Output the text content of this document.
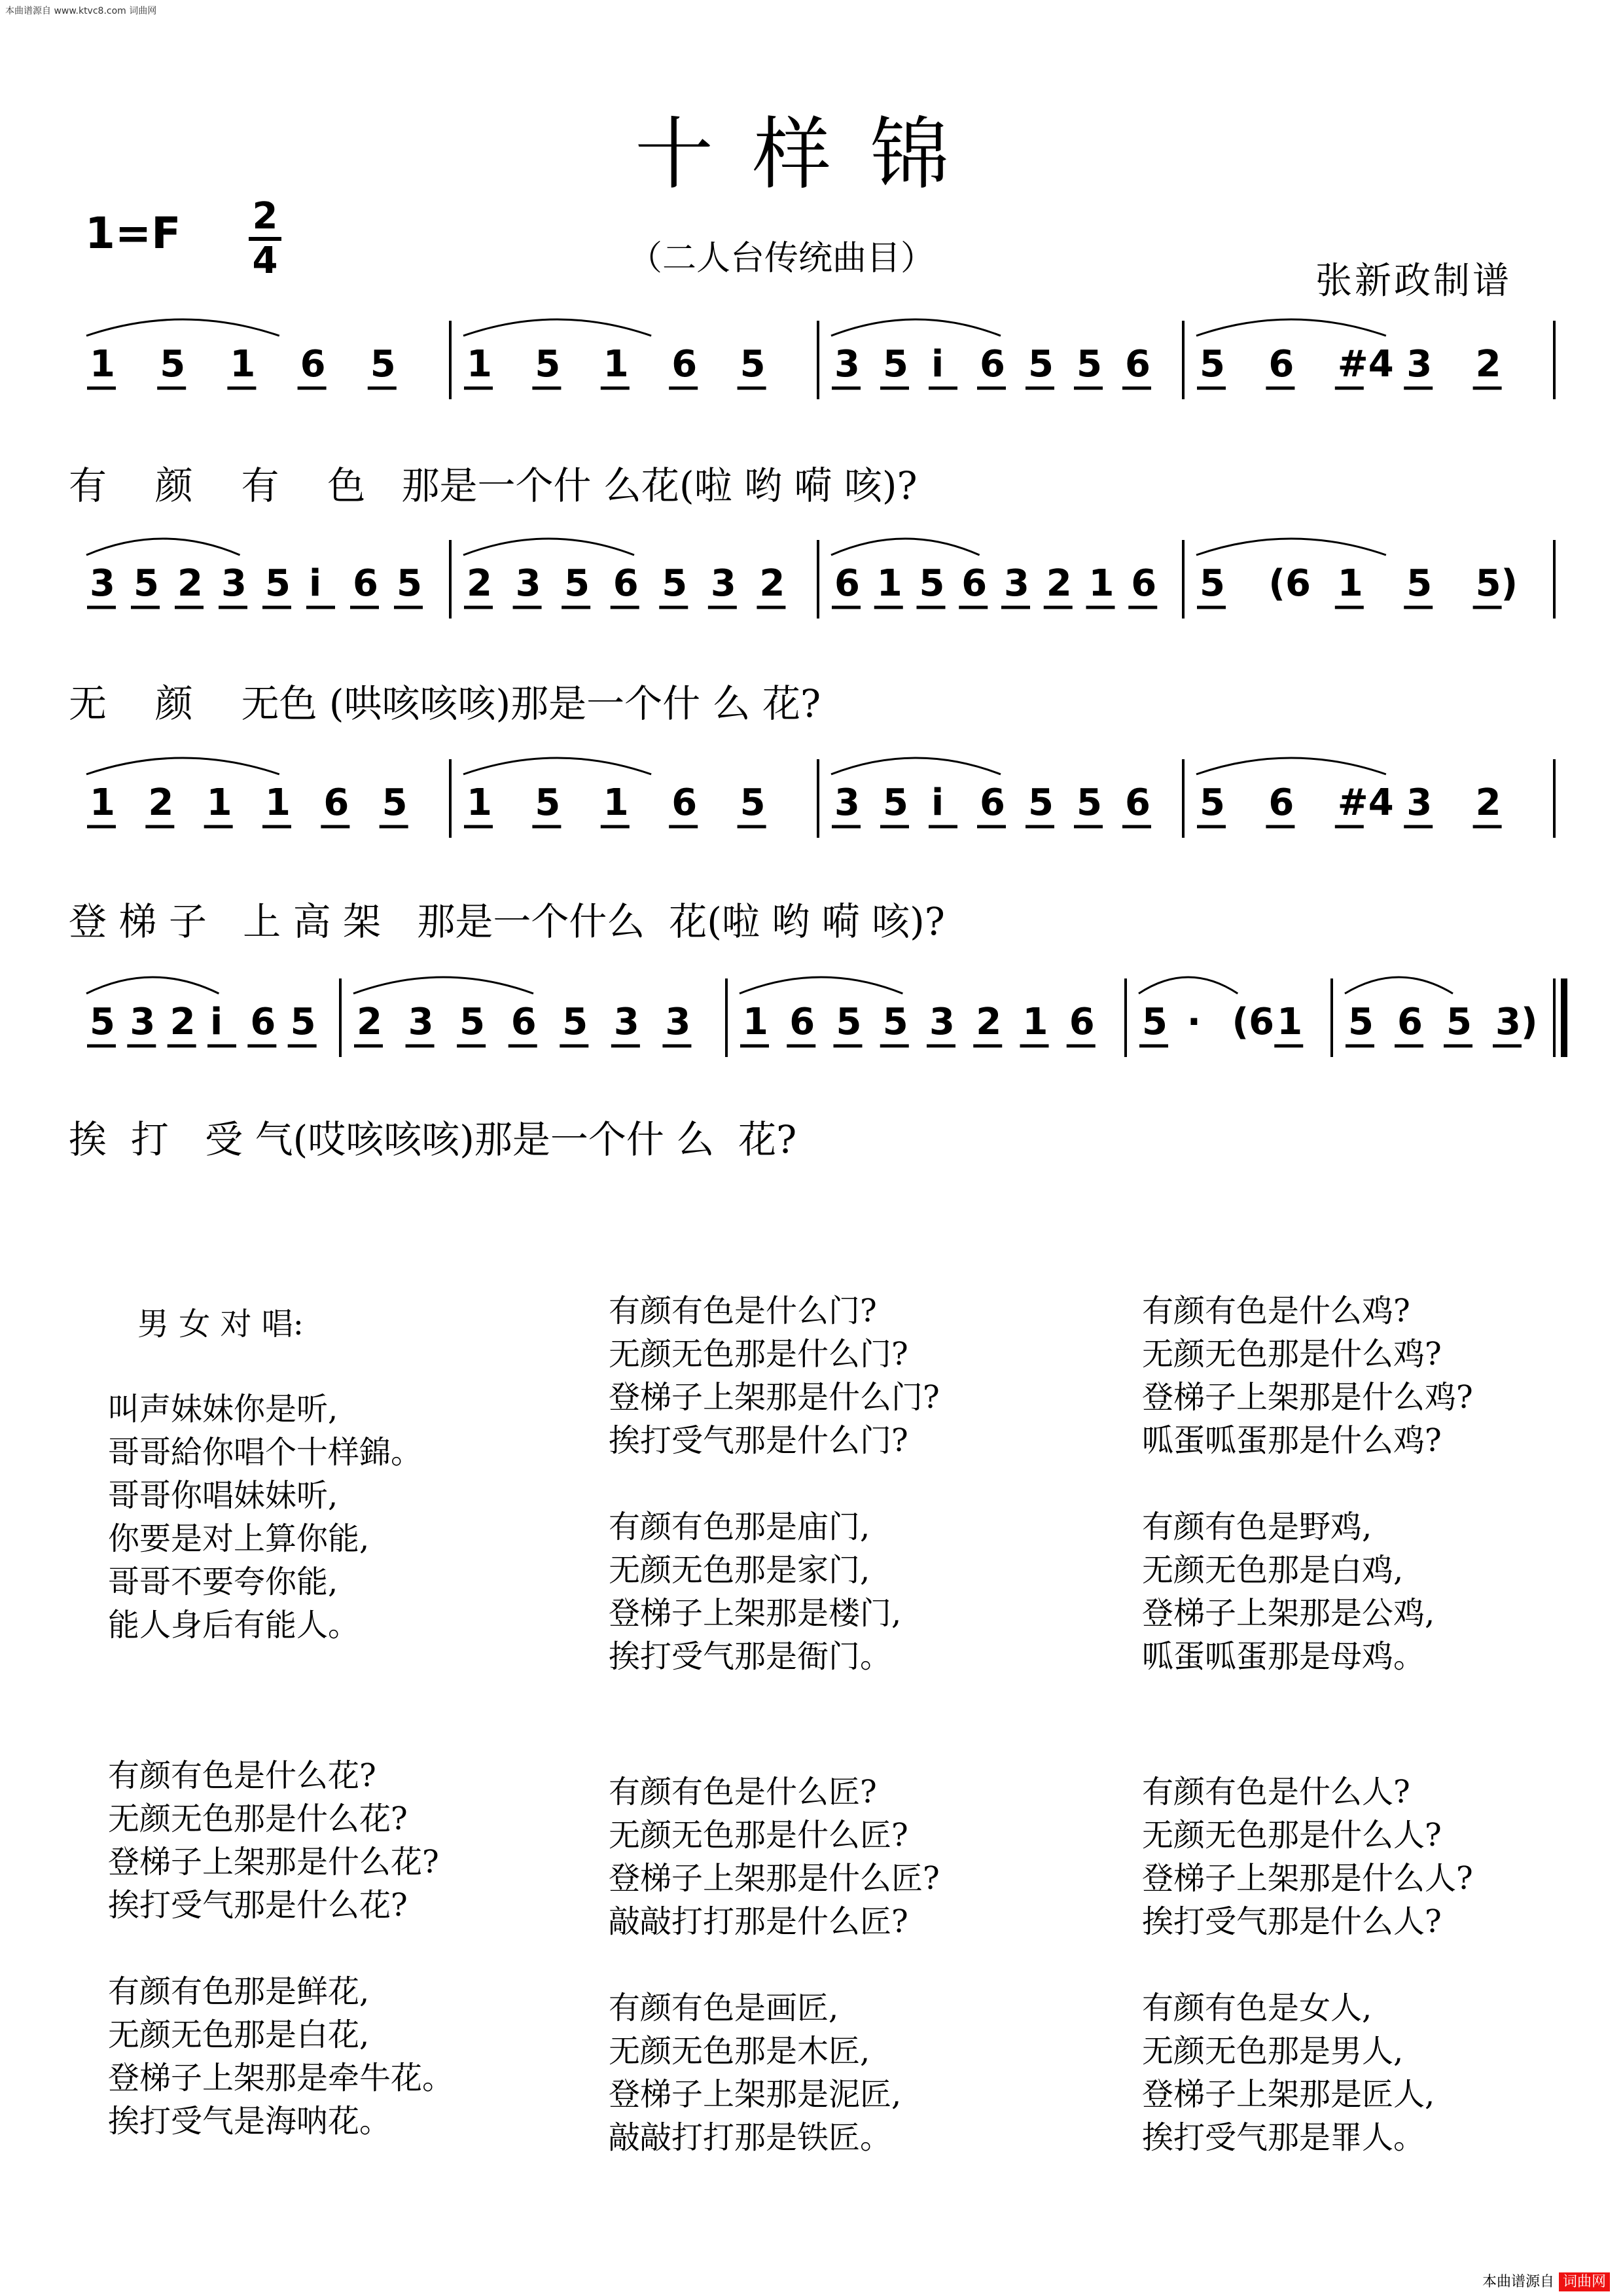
本曲谱源自 www.ktvc8.com 词曲网
十样锦
1=F 2
4	（二人台传统曲目）
张新政制谱
1 5 1 6 5 1 5 1 6 5 3 5 i 6 5 5 6 5 6 #4 3 2
3 5 2 3 5 i 6 5 2 3 5 6 5 3 2 6 1 5 6 3 2 1 6 5 (6 1 5 5)
1 2 1 1 6 5 1 5 1 6 5 3 5 i 6 5 5 6 5 6 #4 3 2
5 3 2 i 6 5 2 3 5 6 5 3 3 1 6 5 5 3 2 1 6 5 · (6 1 5 6 5 3)
有    颜    有    色   那是一个什 么花(啦 哟 嗬 咳)?
无    颜    无色 (哄咳咳咳)那是一个什 么 花?
登 梯 子   上 高 架   那是一个什么  花(啦 哟 嗬 咳)?
挨  打   受 气(哎咳咳咳)那是一个什 么  花?
男 女 对 唱:
叫声妹妹你是听,
哥哥給你唱个十样錦。
哥哥你唱妹妹听,
你要是对上算你能,
哥哥不要夸你能,
能人身后有能人。
有颜有色是什么花?
无颜无色那是什么花?
登梯子上架那是什么花?
挨打受气那是什么花?
有颜有色那是鲜花,
无颜无色那是白花,
登梯子上架那是牵牛花。
挨打受气是海呐花。
有颜有色是什么门?
无颜无色那是什么门?
登梯子上架那是什么门?
挨打受气那是什么门?
有颜有色那是庙门,
无颜无色那是家门,
登梯子上架那是楼门,
挨打受气那是衙门。
有颜有色是什么匠?
无颜无色那是什么匠?
登梯子上架那是什么匠?
敲敲打打那是什么匠?
有颜有色是画匠,
无颜无色那是木匠,
登梯子上架那是泥匠,
敲敲打打那是铁匠。
有颜有色是什么鸡?
无颜无色那是什么鸡?
登梯子上架那是什么鸡?
呱蛋呱蛋那是什么鸡?
有颜有色是野鸡,
无颜无色那是白鸡,
登梯子上架那是公鸡,
呱蛋呱蛋那是母鸡。
有颜有色是什么人?
无颜无色那是什么人?
登梯子上架那是什么人?
挨打受气那是什么人?
有颜有色是女人,
无颜无色那是男人,
登梯子上架那是匠人,
挨打受气那是罪人。
本曲谱源自 词曲网
